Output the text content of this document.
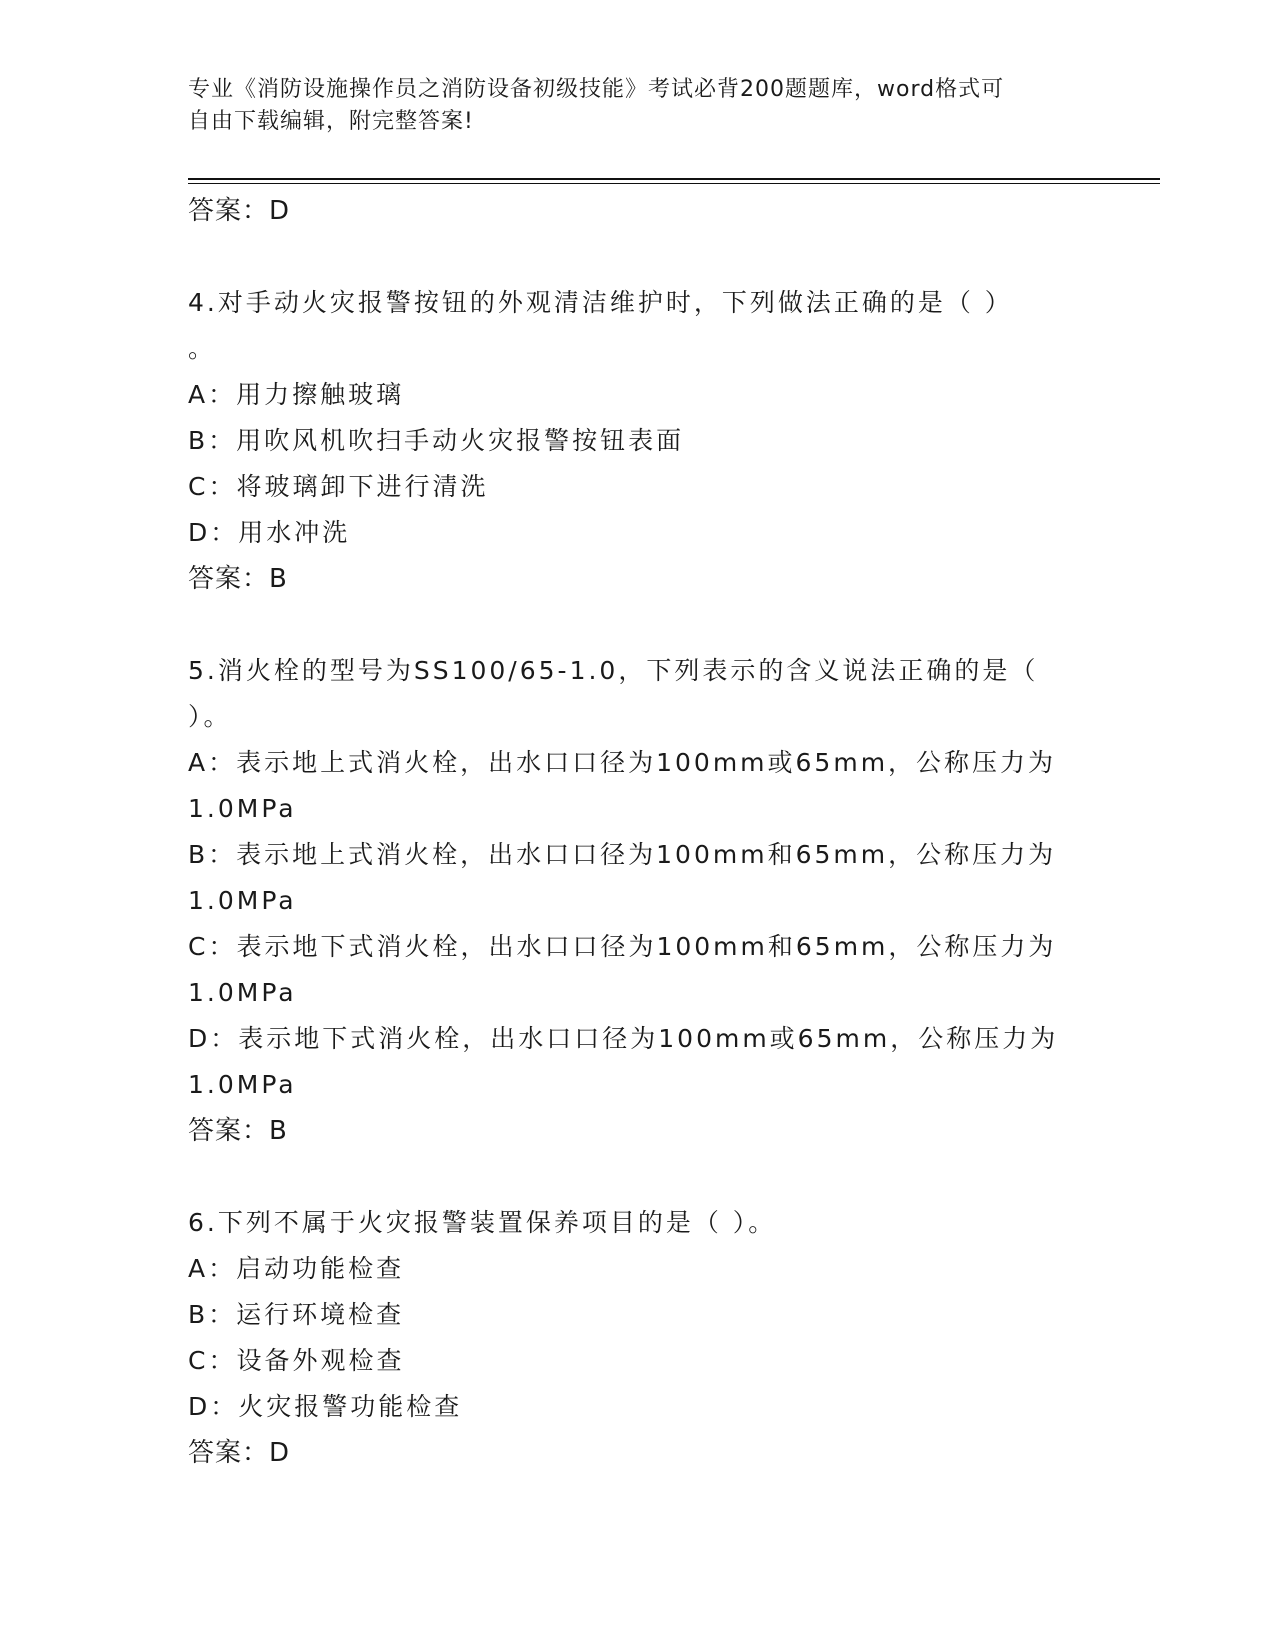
专业《消防设施操作员之消防设备初级技能》考试必背200题题库，word格式可
自由下载编辑，附完整答案!
答案：D
4.对手动火灾报警按钮的外观清洁维护时，下列做法正确的是（ ）
。
A：用力擦触玻璃
B：用吹风机吹扫手动火灾报警按钮表面
C：将玻璃卸下进行清洗
D：用水冲洗
答案：B
5.消火栓的型号为SS100/65-1.0，下列表示的含义说法正确的是（
）。
A：表示地上式消火栓，出水口口径为100mm或65mm，公称压力为
1.0MPa
B：表示地上式消火栓，出水口口径为100mm和65mm，公称压力为
1.0MPa
C：表示地下式消火栓，出水口口径为100mm和65mm，公称压力为
1.0MPa
D：表示地下式消火栓，出水口口径为100mm或65mm，公称压力为
1.0MPa
答案：B
6.下列不属于火灾报警装置保养项目的是（ ）。
A：启动功能检查
B：运行环境检查
C：设备外观检查
D：火灾报警功能检查
答案：D
